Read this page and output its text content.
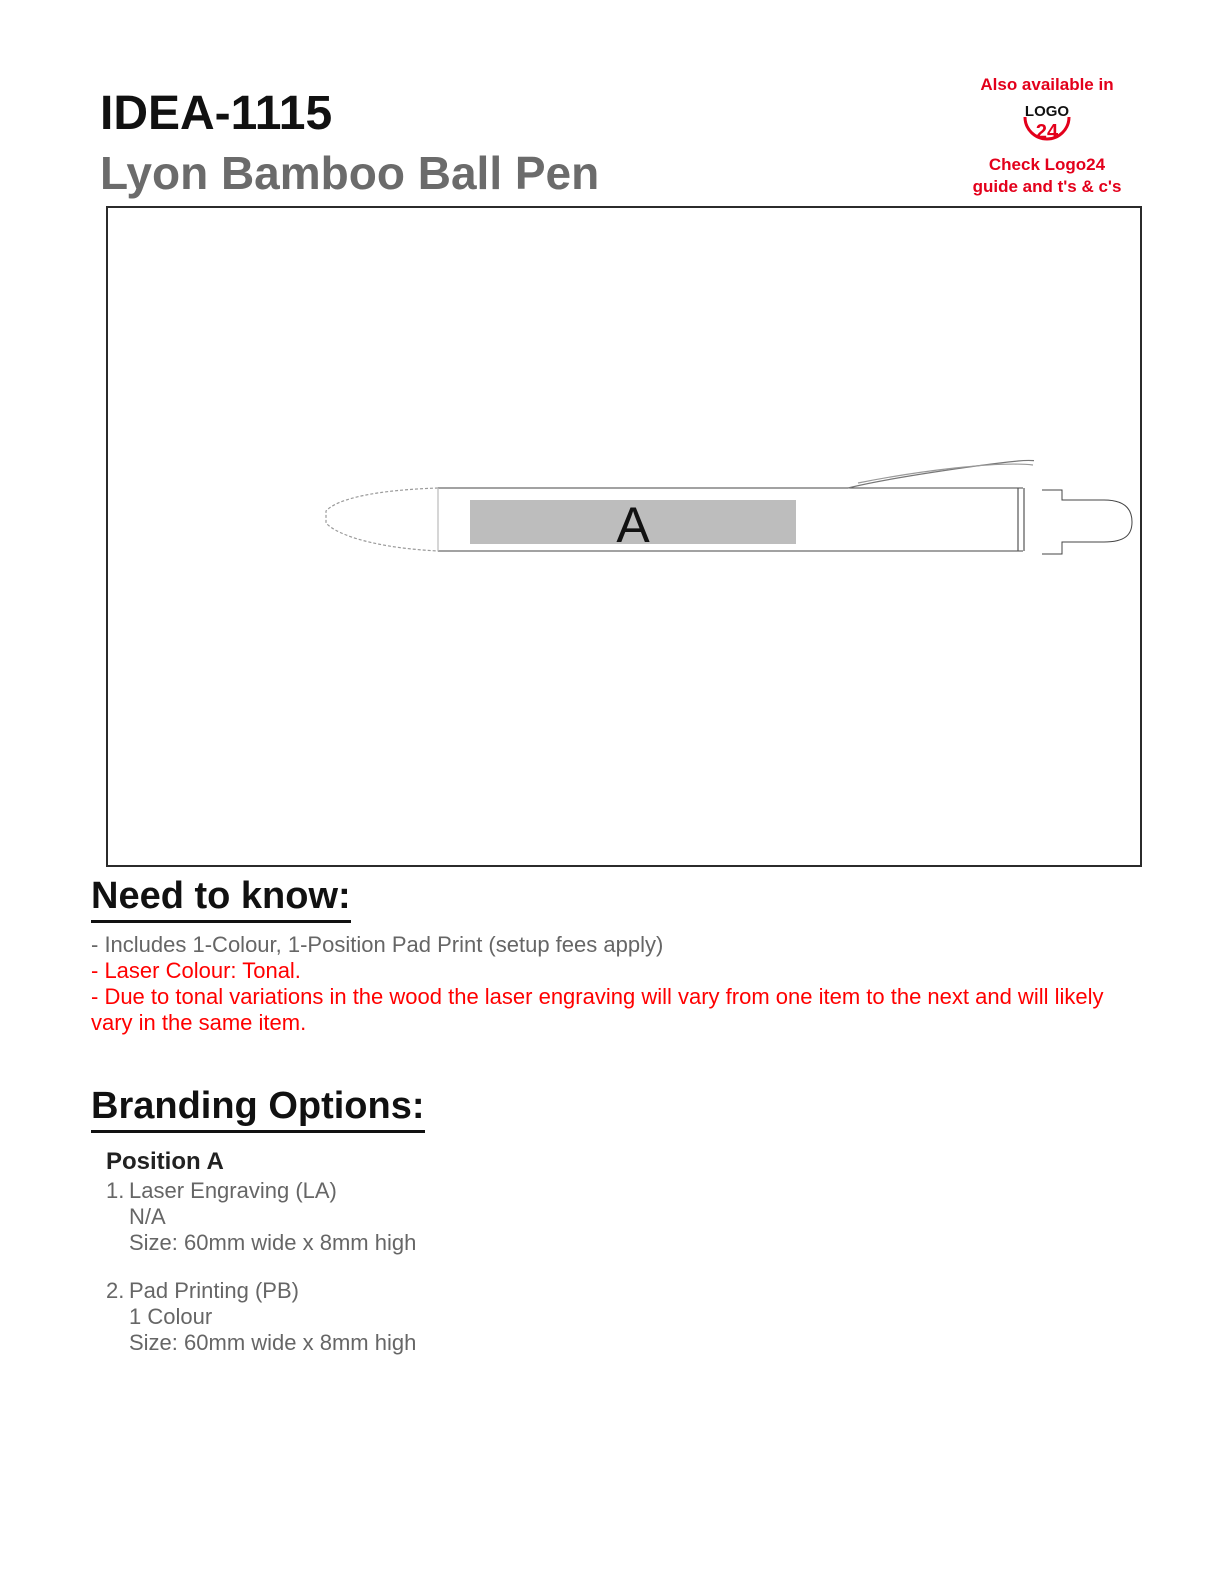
IDEA-1115
Lyon Bamboo Ball Pen
Also available in
LOGO
24
Check Logo24
guide and t's & c's
A
Need to know:

- Includes 1-Colour, 1-Position Pad Print (setup fees apply)

- Laser Colour: Tonal.

- Due to tonal variations in the wood the laser engraving will vary from one item to the next and will likely vary in the same item.

Branding Options:

Position A

1. Laser Engraving (LA)
N/A
Size: 60mm wide x 8mm high
2. Pad Printing (PB)
1 Colour
Size: 60mm wide x 8mm high
